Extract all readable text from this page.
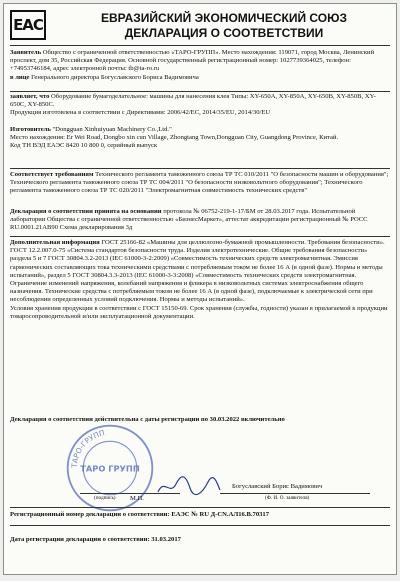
ЕАС	ЕВРАЗИЙСКИЙ ЭКОНОМИЧЕСКИЙ СОЮЗ
ДЕКЛАРАЦИЯ О СООТВЕТСТВИИ
Заявитель Общество с ограниченной ответственностью «ТАРО-ГРУПП». Место нахождения: 119071, город Москва, Ленинский проспект, дом 35, Российская Федерация. Основной государственный регистрационный номер: 1027739364025, телефон: +74953746184, адрес электронной почты: tb@ta-ro.ru
в лице Генерального директора Богуславского Бориса Вадимовича
заявляет, что Оборудование бумагоделательное: машины для нанесения клея Типы: XY-650A, XY-850A, XY-650B, XY-850B, XY-650C, XY-850C.
Продукция изготовлена в соответствии с Директивами: 2006/42/EC, 2014/35/EU, 2014/30/EU
Изготовитель "Dongguan Xinhuiyuan Machinery Co.,Ltd."
Место нахождения: Er Wei Road, Dongbo xin cun Village, Zhongtang Town,Dongguan City, Guangdong Province, Китай.
Код ТН ВЭД ЕАЭС 8420 10 800 0, серийный выпуск
Соответствует требованиям Технического регламента таможенного союза ТР ТС 010/2011 "О безопасности машин и оборудования"; Технического регламента таможенного союза ТР ТС 004/2011 "О безопасности низковольтного оборудования"; Технического регламента таможенного союза ТР ТС 020/2011 "Электромагнитная совместимость технических средств"
Декларация о соответствии принята на основании протокола № 06752-219-1-17/БМ от 28.03.2017 года. Испытательной лаборатории Общества с ограниченной ответственностью «БизнесМаркет», аттестат аккредитации регистрационный № РОСС RU.0001.21АВ90 Схема декларирования 3д
Дополнительная информация ГОСТ 25166-82 «Машины для целлюлозно-бумажной промышленности. Требования безопасности». ГОСТ 12.2.007.0-75 «Система стандартов безопасности труда. Изделия электротехнические. Общие требования безопасности» раздела 5 и 7 ГОСТ 30804.3.2-2013 (IEC 61000-3-2:2009) «Совместимость технических средств электромагнитная. Эмиссия гармонических составляющих тока техническими средствами с потребляемым током не более 16 А (в одной фазе). Нормы и методы испытаний», раздел 5 ГОСТ 30804.3.3-2013 (IEC 61000-3-3:2008) «Совместимость технических средств электромагнитная. Ограничение изменений напряжения, колебаний напряжения и фликера в низковольтных системах электроснабжения общего назначения. Технические средства с потребляемым током не более 16 А (в одной фазе), подключаемые к электрической сети при несоблюдении определенных условий подключения. Нормы и методы испытаний».
Условия хранения продукции в соответствии с ГОСТ 15150-69. Срок хранения (службы, годности) указан в прилагаемой к продукции товаросопроводительной и/или эксплуатационной документации.
Декларация о соответствии действительна с даты регистрации по 30.03.2022 включительно
ТАРО-ГРУПП
ТАРО ГРУПП
М.П.
(подпись)
Богуславский Борис Вадимович
(Ф. И. О. заявителя)
Регистрационный номер декларации о соответствии: ЕАЭС № RU Д-CN.АЛ16.В.70317
Дата регистрации декларации о соответствии: 31.03.2017
